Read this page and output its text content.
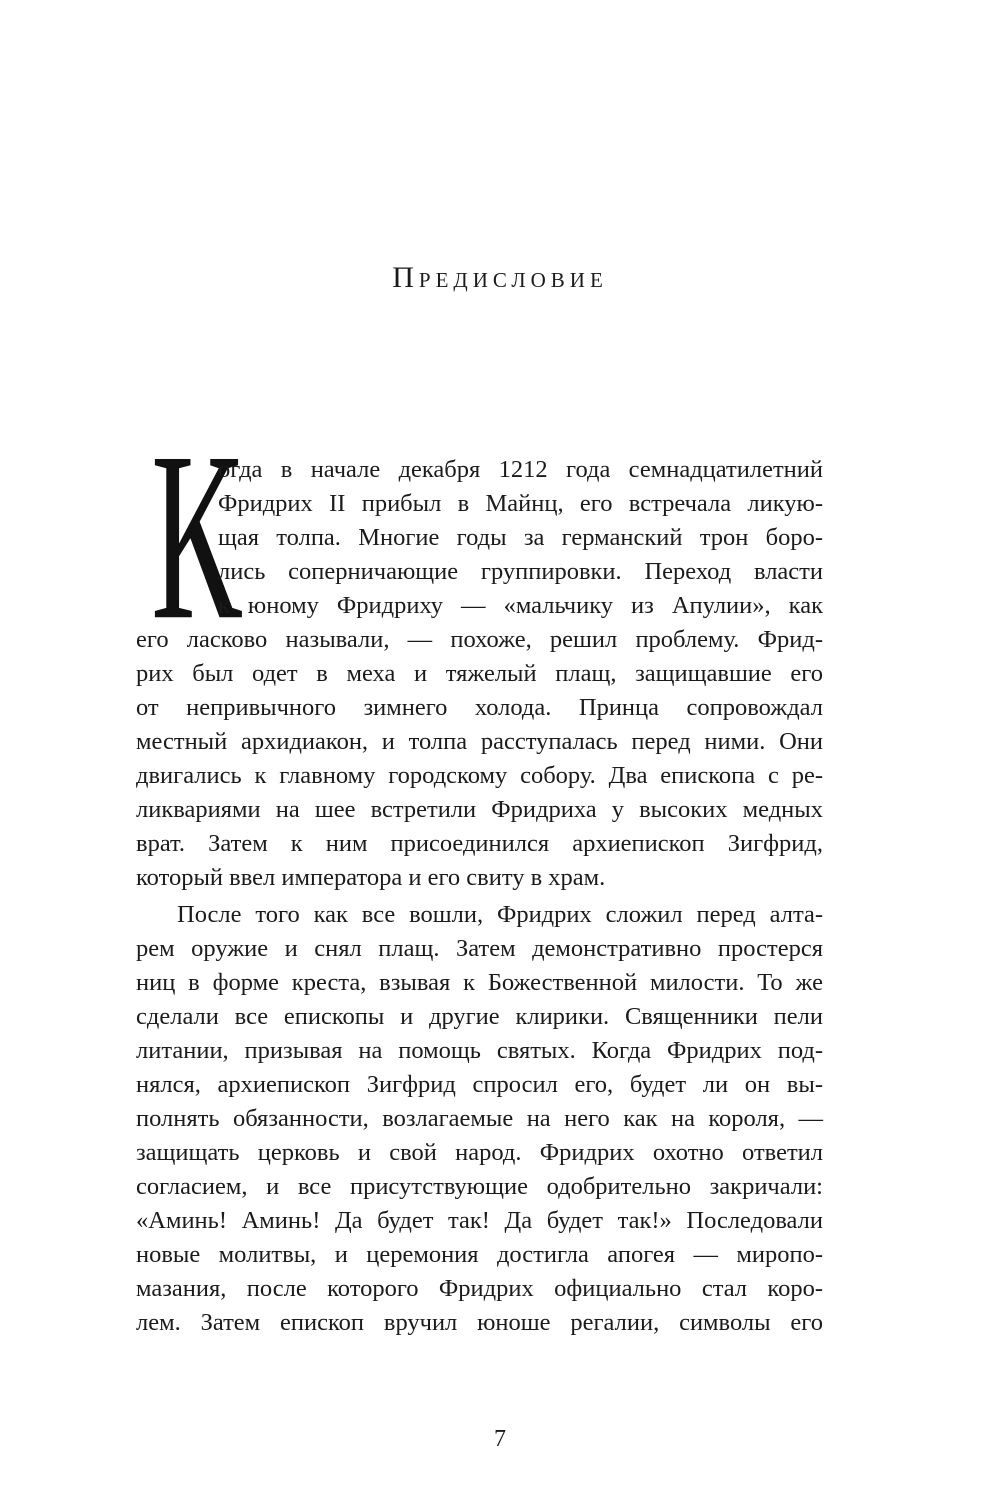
Предисловие
К
огда в начале декабря 1212 года семнадцатилетний
Фридрих II прибыл в Майнц, его встречала ликую-
щая толпа. Многие годы за германский трон боро-
лись соперничающие группировки. Переход власти
к юному Фридриху — «мальчику из Апулии», как
его ласково называли, — похоже, решил проблему. Фрид-
рих был одет в меха и тяжелый плащ, защищавшие его
от непривычного зимнего холода. Принца сопровождал
местный архидиакон, и толпа расступалась перед ними. Они
двигались к главному городскому собору. Два епископа с ре-
ликвариями на шее встретили Фридриха у высоких медных
врат. Затем к ним присоединился архиепископ Зигфрид,
который ввел императора и его свиту в храм.
После того как все вошли, Фридрих сложил перед алта-
рем оружие и снял плащ. Затем демонстративно простерся
ниц в форме креста, взывая к Божественной милости. То же
сделали все епископы и другие клирики. Священники пели
литании, призывая на помощь святых. Когда Фридрих под-
нялся, архиепископ Зигфрид спросил его, будет ли он вы-
полнять обязанности, возлагаемые на него как на короля, —
защищать церковь и свой народ. Фридрих охотно ответил
согласием, и все присутствующие одобрительно закричали:
«Аминь! Аминь! Да будет так! Да будет так!» Последовали
новые молитвы, и церемония достигла апогея — миропо-
мазания, после которого Фридрих официально стал коро-
лем. Затем епископ вручил юноше регалии, символы его
7
